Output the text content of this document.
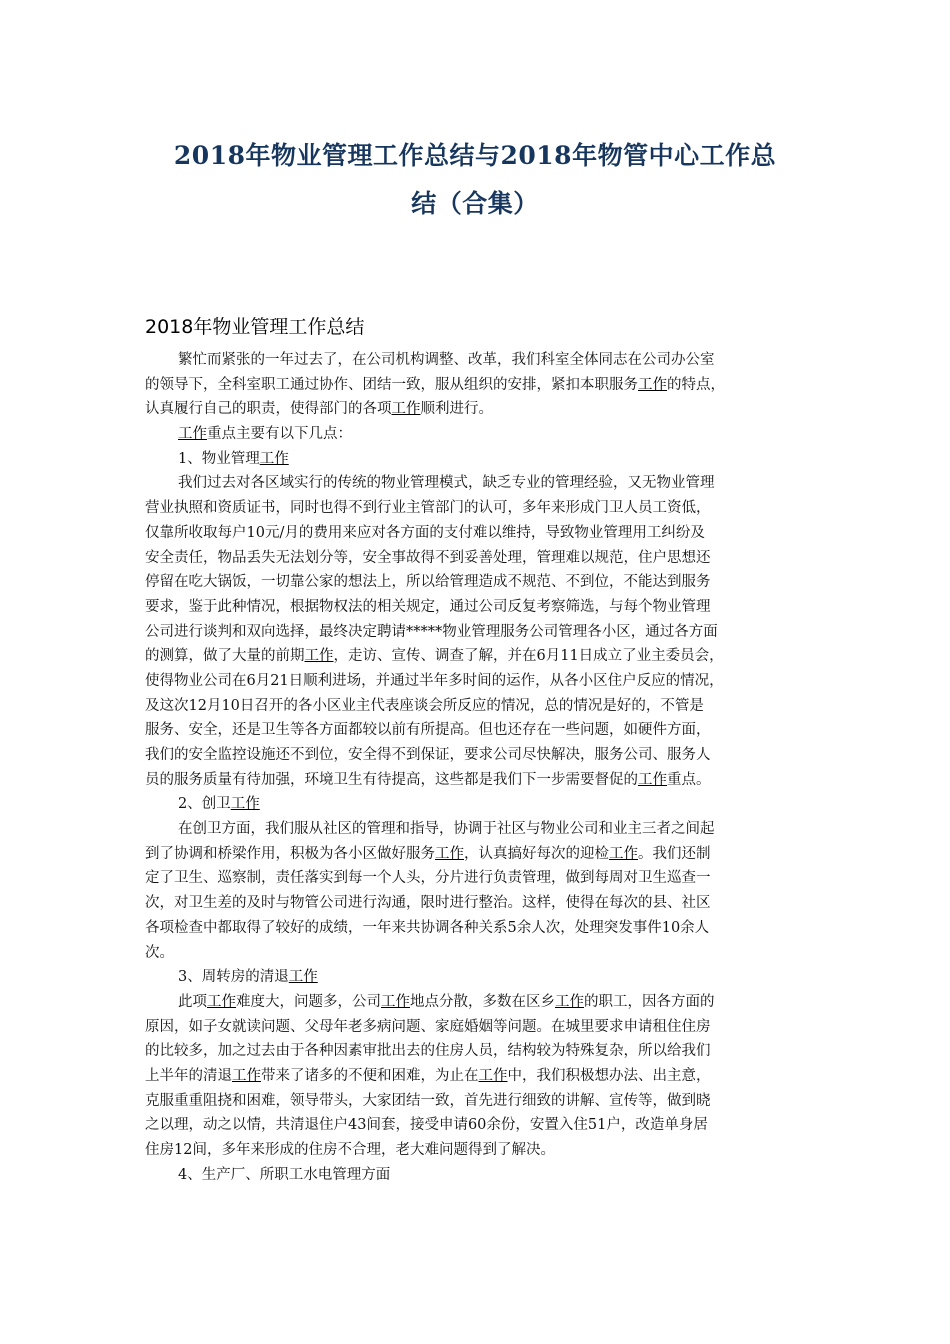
2018年物业管理工作总结与2018年物管中心工作总
结（合集）
2018年物业管理工作总结
繁忙而紧张的一年过去了，在公司机构调整、改革，我们科室全体同志在公司办公室
的领导下，全科室职工通过协作、团结一致，服从组织的安排，紧扣本职服务工作的特点，
认真履行自己的职责，使得部门的各项工作顺利进行。
工作重点主要有以下几点：
1、物业管理工作
我们过去对各区域实行的传统的物业管理模式，缺乏专业的管理经验，又无物业管理
营业执照和资质证书，同时也得不到行业主管部门的认可，多年来形成门卫人员工资低，
仅靠所收取每户10元/月的费用来应对各方面的支付难以维持，导致物业管理用工纠纷及
安全责任，物品丢失无法划分等，安全事故得不到妥善处理，管理难以规范，住户思想还
停留在吃大锅饭，一切靠公家的想法上，所以给管理造成不规范、不到位，不能达到服务
要求，鉴于此种情况，根据物权法的相关规定，通过公司反复考察筛选，与每个物业管理
公司进行谈判和双向选择，最终决定聘请*****物业管理服务公司管理各小区，通过各方面
的测算，做了大量的前期工作，走访、宣传、调查了解，并在6月11日成立了业主委员会，
使得物业公司在6月21日顺利进场，并通过半年多时间的运作，从各小区住户反应的情况，
及这次12月10日召开的各小区业主代表座谈会所反应的情况，总的情况是好的，不管是
服务、安全，还是卫生等各方面都较以前有所提高。但也还存在一些问题，如硬件方面，
我们的安全监控设施还不到位，安全得不到保证，要求公司尽快解决，服务公司、服务人
员的服务质量有待加强，环境卫生有待提高，这些都是我们下一步需要督促的工作重点。
2、创卫工作
在创卫方面，我们服从社区的管理和指导，协调于社区与物业公司和业主三者之间起
到了协调和桥梁作用，积极为各小区做好服务工作，认真搞好每次的迎检工作。我们还制
定了卫生、巡察制，责任落实到每一个人头，分片进行负责管理，做到每周对卫生巡查一
次，对卫生差的及时与物管公司进行沟通，限时进行整治。这样，使得在每次的县、社区
各项检查中都取得了较好的成绩，一年来共协调各种关系5余人次，处理突发事件10余人
次。
3、周转房的清退工作
此项工作难度大，问题多，公司工作地点分散，多数在区乡工作的职工，因各方面的
原因，如子女就读问题、父母年老多病问题、家庭婚姻等问题。在城里要求申请租住住房
的比较多，加之过去由于各种因素审批出去的住房人员，结构较为特殊复杂，所以给我们
上半年的清退工作带来了诸多的不便和困难，为止在工作中，我们积极想办法、出主意，
克服重重阻挠和困难，领导带头，大家团结一致，首先进行细致的讲解、宣传等，做到晓
之以理，动之以情，共清退住户43间套，接受申请60余份，安置入住51户，改造单身居
住房12间，多年来形成的住房不合理，老大难问题得到了解决。
4、生产厂、所职工水电管理方面
